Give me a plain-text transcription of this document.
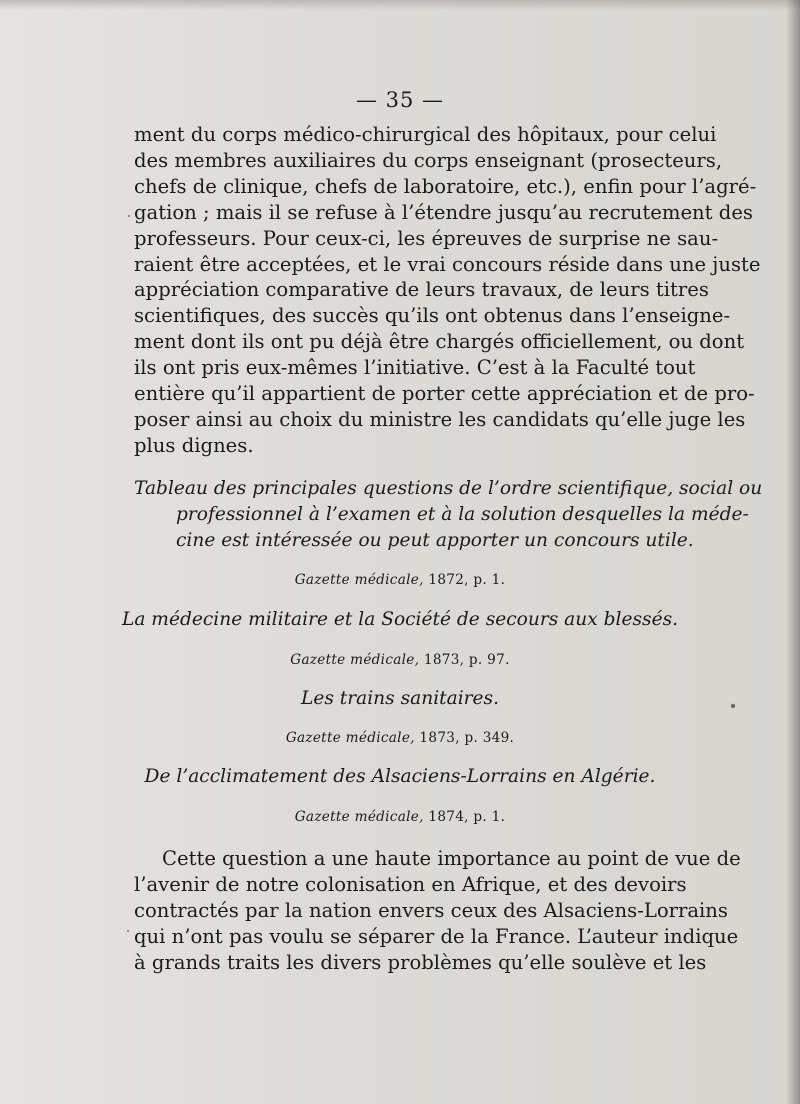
— 35 —
ment du corps médico-chirurgical des hôpitaux, pour celui
des membres auxiliaires du corps enseignant (prosecteurs,
chefs de clinique, chefs de laboratoire, etc.), enfin pour l’agré-
gation ; mais il se refuse à l’étendre jusqu’au recrutement des
professeurs. Pour ceux-ci, les épreuves de surprise ne sau-
raient être acceptées, et le vrai concours réside dans une juste
appréciation comparative de leurs travaux, de leurs titres
scientifiques, des succès qu’ils ont obtenus dans l’enseigne-
ment dont ils ont pu déjà être chargés officiellement, ou dont
ils ont pris eux-mêmes l’initiative. C’est à la Faculté tout
entière qu’il appartient de porter cette appréciation et de pro-
poser ainsi au choix du ministre les candidats qu’elle juge les
plus dignes.
Tableau des principales questions de l’ordre scientifique, social ou
professionnel à l’examen et à la solution desquelles la méde-
cine est intéressée ou peut apporter un concours utile.
Gazette médicale, 1872, p. 1.
La médecine militaire et la Société de secours aux blessés.
Gazette médicale, 1873, p. 97.
Les trains sanitaires.
Gazette médicale, 1873, p. 349.
De l’acclimatement des Alsaciens-Lorrains en Algérie.
Gazette médicale, 1874, p. 1.
Cette question a une haute importance au point de vue de
l’avenir de notre colonisation en Afrique, et des devoirs
contractés par la nation envers ceux des Alsaciens-Lorrains
qui n’ont pas voulu se séparer de la France. L’auteur indique
à grands traits les divers problèmes qu’elle soulève et les
